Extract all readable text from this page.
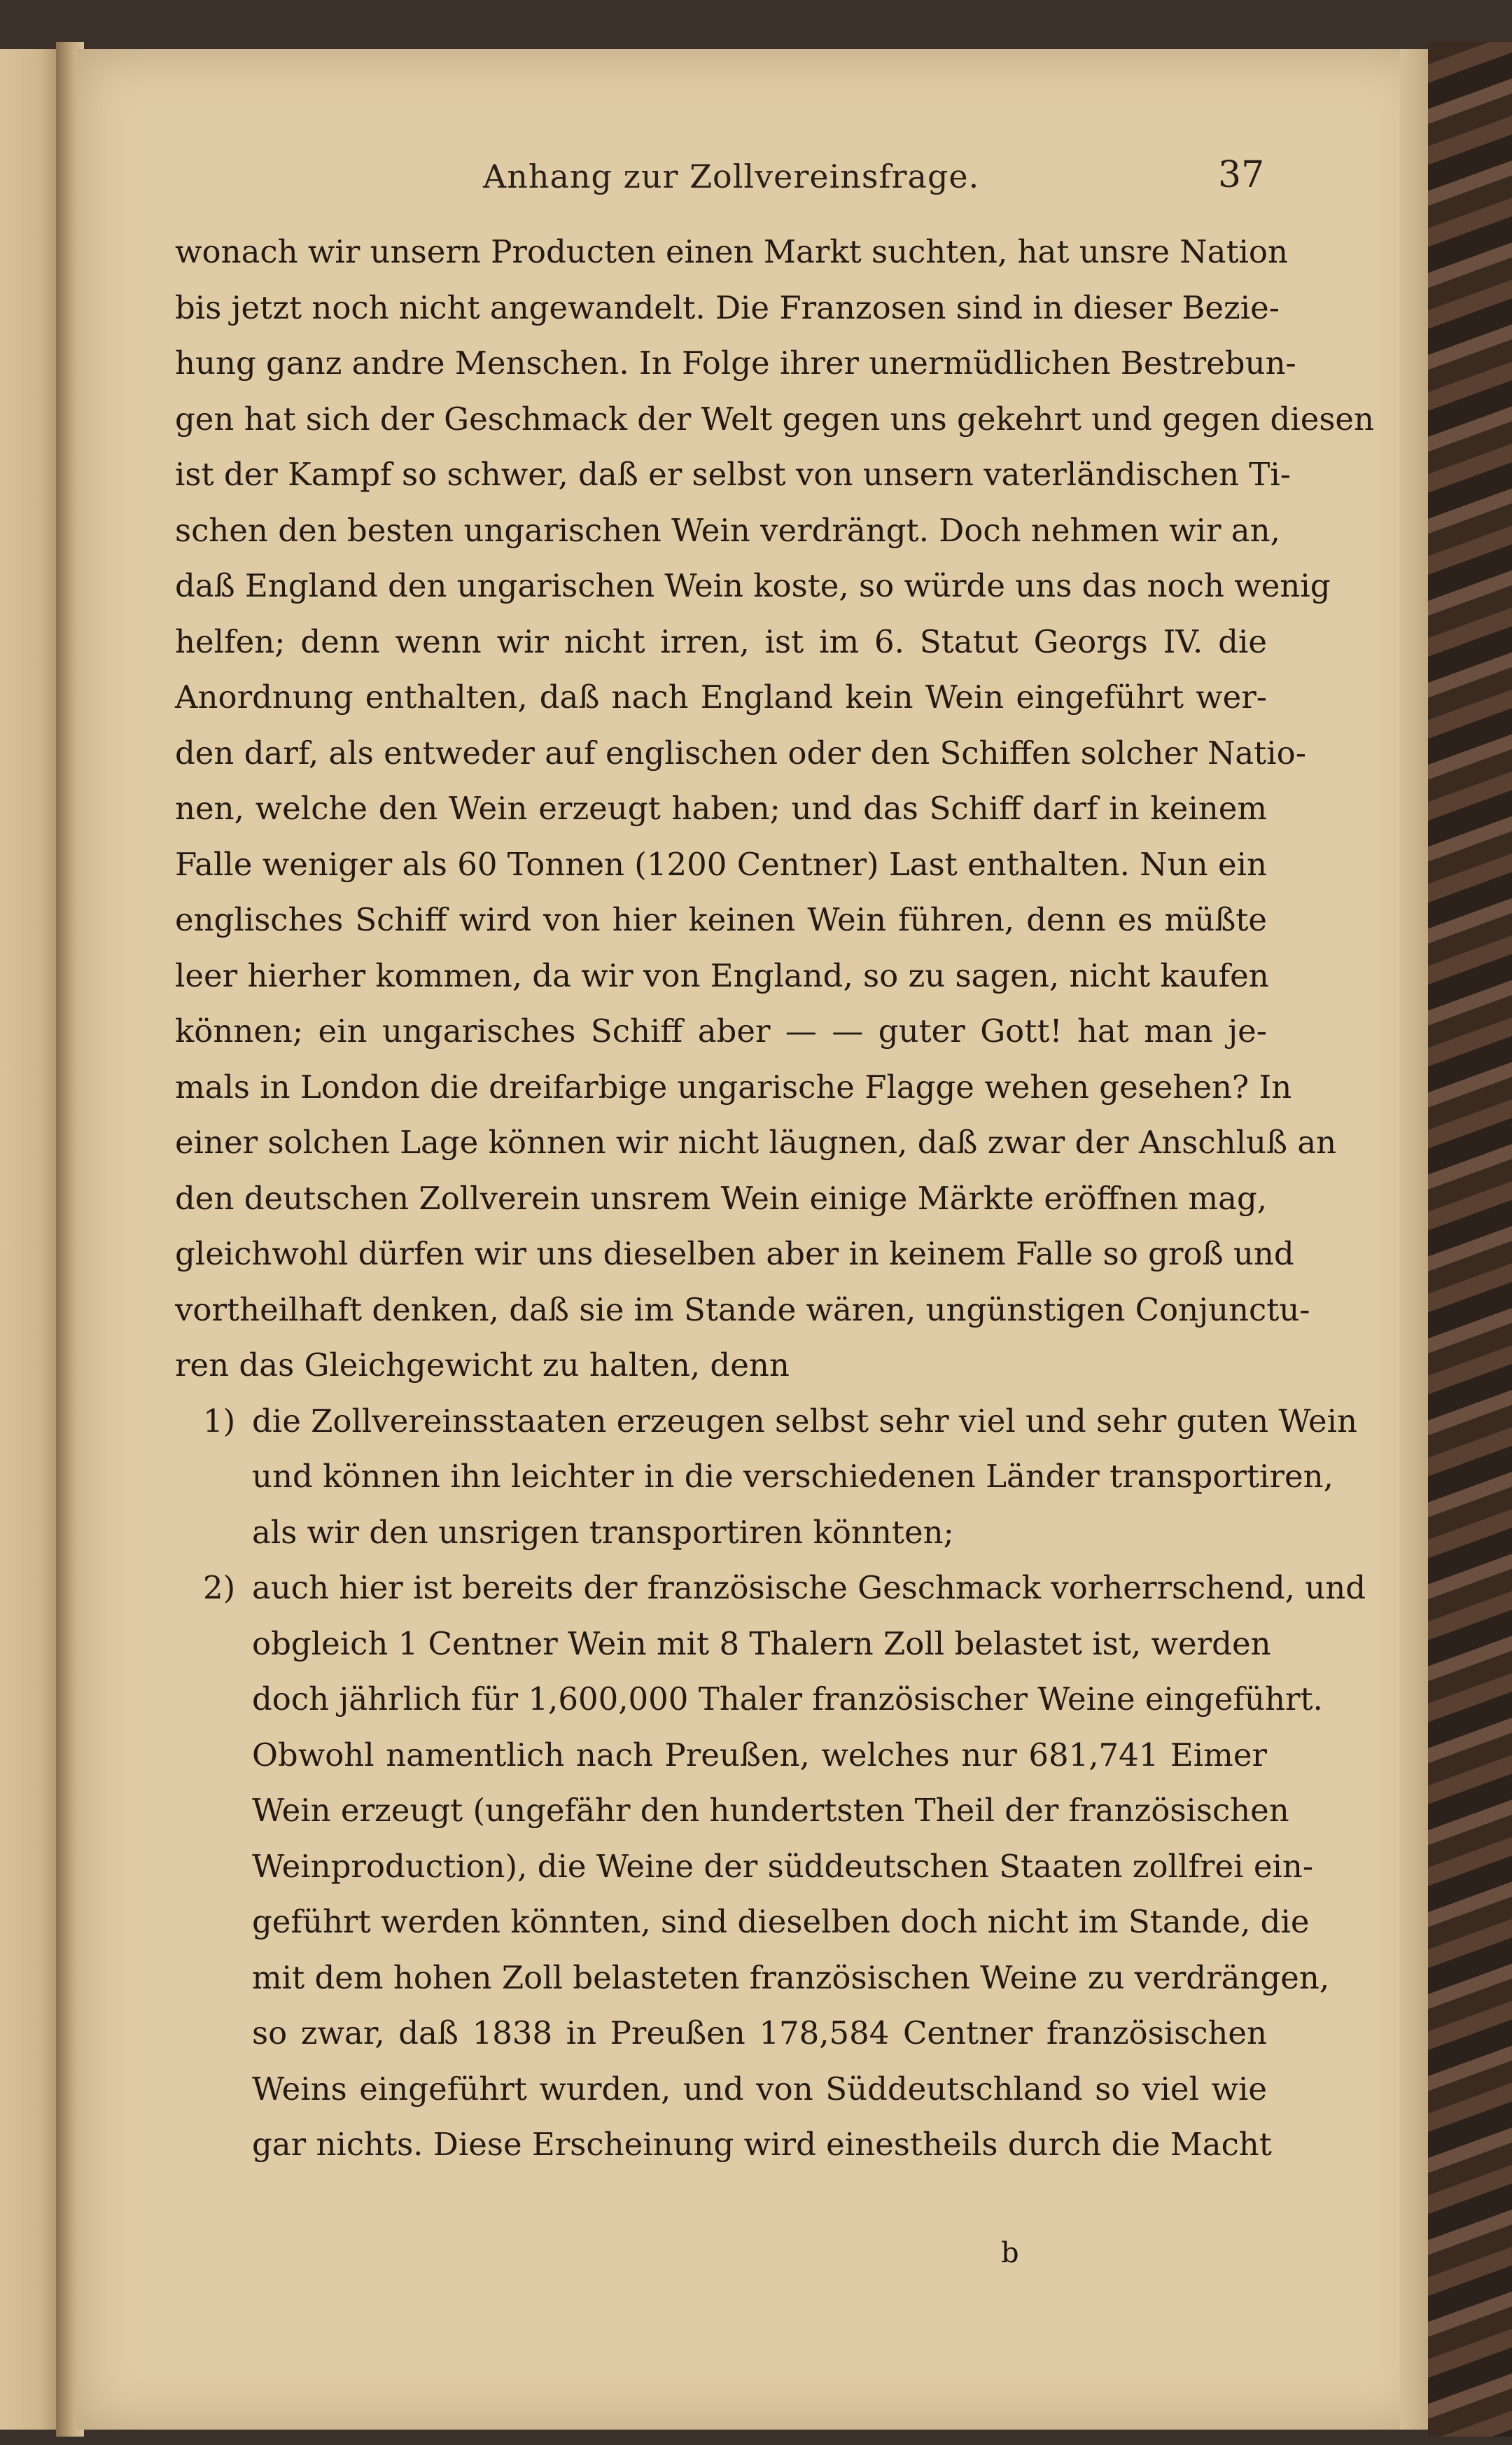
Anhang zur Zollvereinsfrage.	37
wonach wir unsern Producten einen Markt suchten, hat unsre Nation
bis jetzt noch nicht angewandelt. Die Franzosen sind in dieser Bezie-
hung ganz andre Menschen. In Folge ihrer unermüdlichen Bestrebun-
gen hat sich der Geschmack der Welt gegen uns gekehrt und gegen diesen
ist der Kampf so schwer, daß er selbst von unsern vaterländischen Ti-
schen den besten ungarischen Wein verdrängt. Doch nehmen wir an,
daß England den ungarischen Wein koste, so würde uns das noch wenig
helfen; denn wenn wir nicht irren, ist im 6. Statut Georgs IV. die
Anordnung enthalten, daß nach England kein Wein eingeführt wer-
den darf, als entweder auf englischen oder den Schiffen solcher Natio-
nen, welche den Wein erzeugt haben; und das Schiff darf in keinem
Falle weniger als 60 Tonnen (1200 Centner) Last enthalten. Nun ein
englisches Schiff wird von hier keinen Wein führen, denn es müßte
leer hierher kommen, da wir von England, so zu sagen, nicht kaufen
können; ein ungarisches Schiff aber — — guter Gott! hat man je-
mals in London die dreifarbige ungarische Flagge wehen gesehen? In
einer solchen Lage können wir nicht läugnen, daß zwar der Anschluß an
den deutschen Zollverein unsrem Wein einige Märkte eröffnen mag,
gleichwohl dürfen wir uns dieselben aber in keinem Falle so groß und
vortheilhaft denken, daß sie im Stande wären, ungünstigen Conjunctu-
ren das Gleichgewicht zu halten, denn
1) die Zollvereinsstaaten erzeugen selbst sehr viel und sehr guten Wein
und können ihn leichter in die verschiedenen Länder transportiren,
als wir den unsrigen transportiren könnten;
2) auch hier ist bereits der französische Geschmack vorherrschend, und
obgleich 1 Centner Wein mit 8 Thalern Zoll belastet ist, werden
doch jährlich für 1,600,000 Thaler französischer Weine eingeführt.
Obwohl namentlich nach Preußen, welches nur 681,741 Eimer
Wein erzeugt (ungefähr den hundertsten Theil der französischen
Weinproduction), die Weine der süddeutschen Staaten zollfrei ein-
geführt werden könnten, sind dieselben doch nicht im Stande, die
mit dem hohen Zoll belasteten französischen Weine zu verdrängen,
so zwar, daß 1838 in Preußen 178,584 Centner französischen
Weins eingeführt wurden, und von Süddeutschland so viel wie
gar nichts. Diese Erscheinung wird einestheils durch die Macht
b
